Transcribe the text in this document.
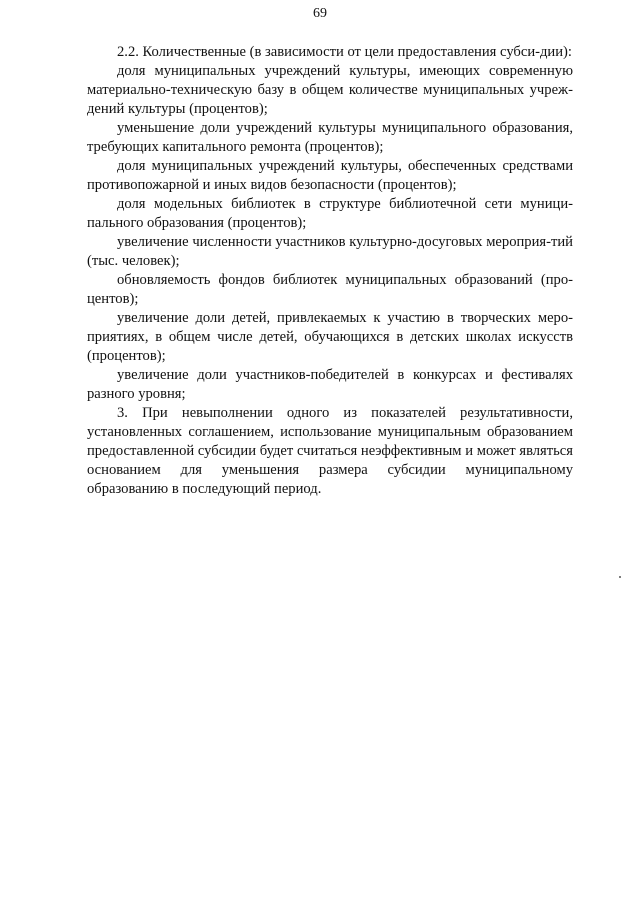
69

2.2. Количественные (в зависимости от цели предоставления субси-дии):

доля муниципальных учреждений культуры, имеющих современную материально-техническую базу в общем количестве муниципальных учреж-дений культуры (процентов);

уменьшение доли учреждений культуры муниципального образования, требующих капитального ремонта (процентов);

доля муниципальных учреждений культуры, обеспеченных средствами противопожарной и иных видов безопасности (процентов);

доля модельных библиотек в структуре библиотечной сети муници-пального образования (процентов);

увеличение численности участников культурно-досуговых мероприя-тий (тыс. человек);

обновляемость фондов библиотек муниципальных образований (про-центов);

увеличение доли детей, привлекаемых к участию в творческих меро-приятиях, в общем числе детей, обучающихся в детских школах искусств (процентов);

увеличение доли участников-победителей в конкурсах и фестивалях разного уровня;

3. При невыполнении одного из показателей результативности, установленных соглашением, использование муниципальным образованием предоставленной субсидии будет считаться неэффективным и может являться основанием для уменьшения размера субсидии муниципальному образованию в последующий период.
